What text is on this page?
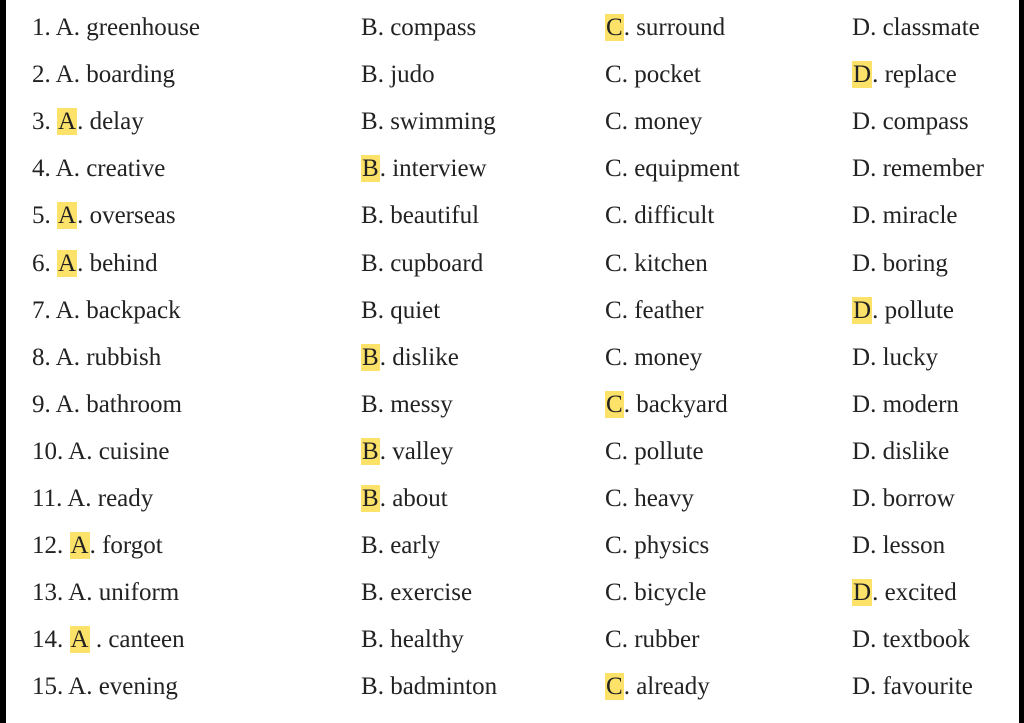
1. A. greenhouse	B. compass	C. surround	D. classmate
2. A. boarding	B. judo	C. pocket	D. replace
3. A. delay	B. swimming	C. money	D. compass
4. A. creative	B. interview	C. equipment	D. remember
5. A. overseas	B. beautiful	C. difficult	D. miracle
6. A. behind	B. cupboard	C. kitchen	D. boring
7. A. backpack	B. quiet	C. feather	D. pollute
8. A. rubbish	B. dislike	C. money	D. lucky
9. A. bathroom	B. messy	C. backyard	D. modern
10. A. cuisine	B. valley	C. pollute	D. dislike
11. A. ready	B. about	C. heavy	D. borrow
12. A. forgot	B. early	C. physics	D. lesson
13. A. uniform	B. exercise	C. bicycle	D. excited
14. A . canteen	B. healthy	C. rubber	D. textbook
15. A. evening	B. badminton	C. already	D. favourite
